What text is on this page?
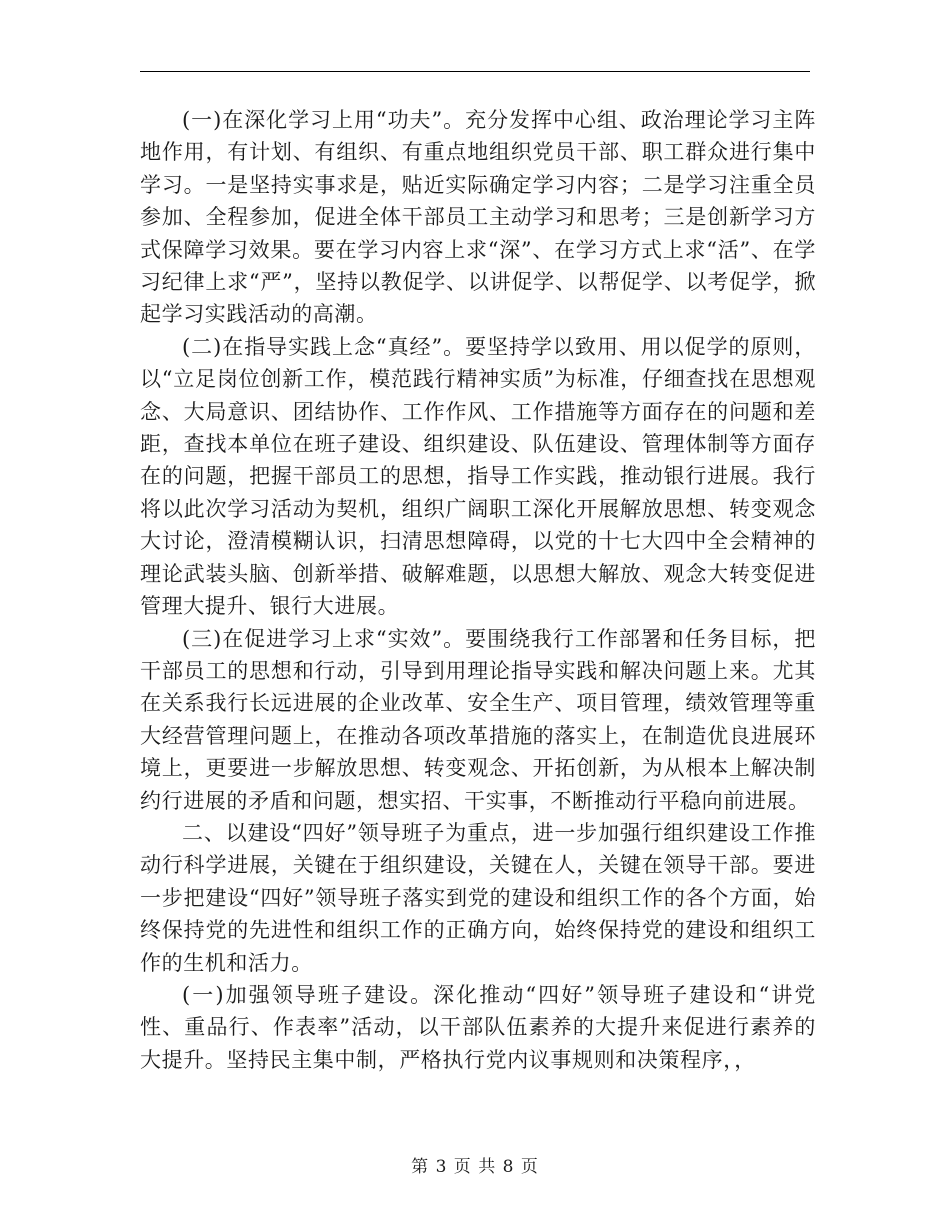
(一)在深化学习上用“功夫”。充分发挥中心组、政治理论学习主阵地作用，有计划、有组织、有重点地组织党员干部、职工群众进行集中学习。一是坚持实事求是，贴近实际确定学习内容；二是学习注重全员参加、全程参加，促进全体干部员工主动学习和思考；三是创新学习方式保障学习效果。要在学习内容上求“深”、在学习方式上求“活”、在学习纪律上求“严”，坚持以教促学、以讲促学、以帮促学、以考促学，掀起学习实践活动的高潮。

(二)在指导实践上念“真经”。要坚持学以致用、用以促学的原则，以“立足岗位创新工作，模范践行精神实质”为标准，仔细查找在思想观念、大局意识、团结协作、工作作风、工作措施等方面存在的问题和差距，查找本单位在班子建设、组织建设、队伍建设、管理体制等方面存在的问题，把握干部员工的思想，指导工作实践，推动银行进展。我行将以此次学习活动为契机，组织广阔职工深化开展解放思想、转变观念大讨论，澄清模糊认识，扫清思想障碍，以党的十七大四中全会精神的理论武装头脑、创新举措、破解难题，以思想大解放、观念大转变促进管理大提升、银行大进展。

(三)在促进学习上求“实效”。要围绕我行工作部署和任务目标，把干部员工的思想和行动，引导到用理论指导实践和解决问题上来。尤其在关系我行长远进展的企业改革、安全生产、项目管理，绩效管理等重大经营管理问题上，在推动各项改革措施的落实上，在制造优良进展环境上，更要进一步解放思想、转变观念、开拓创新，为从根本上解决制约行进展的矛盾和问题，想实招、干实事，不断推动行平稳向前进展。

二、以建设“四好”领导班子为重点，进一步加强行组织建设工作推动行科学进展，关键在于组织建设，关键在人，关键在领导干部。要进一步把建设“四好”领导班子落实到党的建设和组织工作的各个方面，始终保持党的先进性和组织工作的正确方向，始终保持党的建设和组织工作的生机和活力。

(一)加强领导班子建设。深化推动“四好”领导班子建设和“讲党性、重品行、作表率”活动，以干部队伍素养的大提升来促进行素养的大提升。坚持民主集中制，严格执行党内议事规则和决策程序，，

第 3 页 共 8 页
